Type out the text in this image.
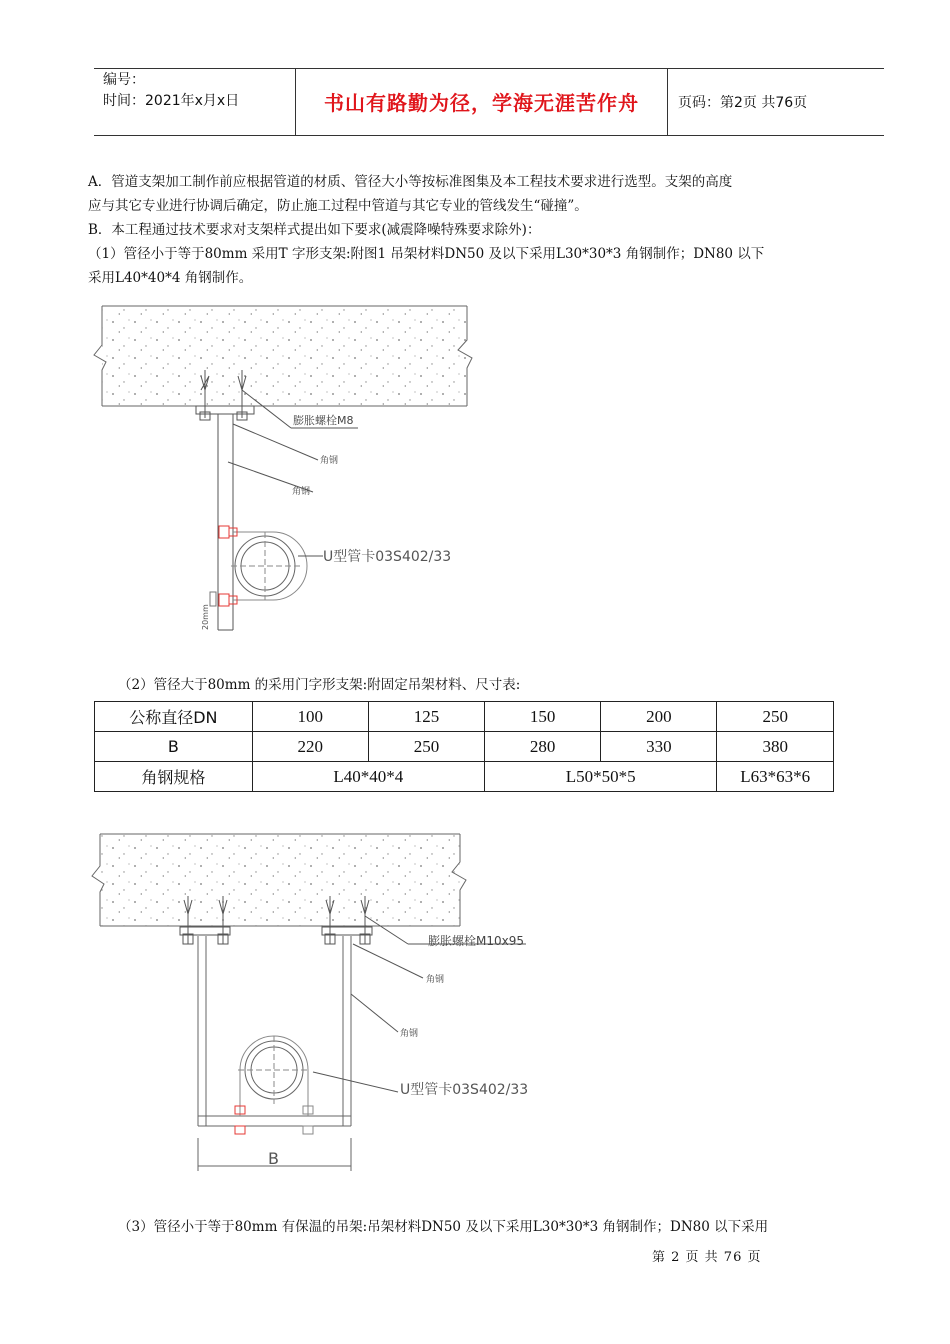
编号：
时间：2021年x月x日	书山有路勤为径，学海无涯苦作舟	页码：第2页 共76页
A．管道支架加工制作前应根据管道的材质、管径大小等按标准图集及本工程技术要求进行选型。支架的高度
应与其它专业进行协调后确定，防止施工过程中管道与其它专业的管线发生“碰撞”。
B．本工程通过技术要求对支架样式提出如下要求(减震降噪特殊要求除外)：
（1）管径小于等于80mm 采用T 字形支架:附图1 吊架材料DN50 及以下采用L30*30*3 角钢制作；DN80 以下
采用L40*40*4 角钢制作。
膨胀螺栓M8
角钢
角钢
U型管卡03S402/33
20mm
（2）管径大于80mm 的采用门字形支架:附固定吊架材料、尺寸表:
公称直径DN	100	125	150	200	250
B	220	250	280	330	380
角钢规格	L40*40*4		L50*50*5		L63*63*6
膨胀螺栓M10x95
角钢
角钢
U型管卡03S402/33
B
（3）管径小于等于80mm 有保温的吊架:吊架材料DN50 及以下采用L30*30*3 角钢制作；DN80 以下采用
第 2 页 共 76 页
